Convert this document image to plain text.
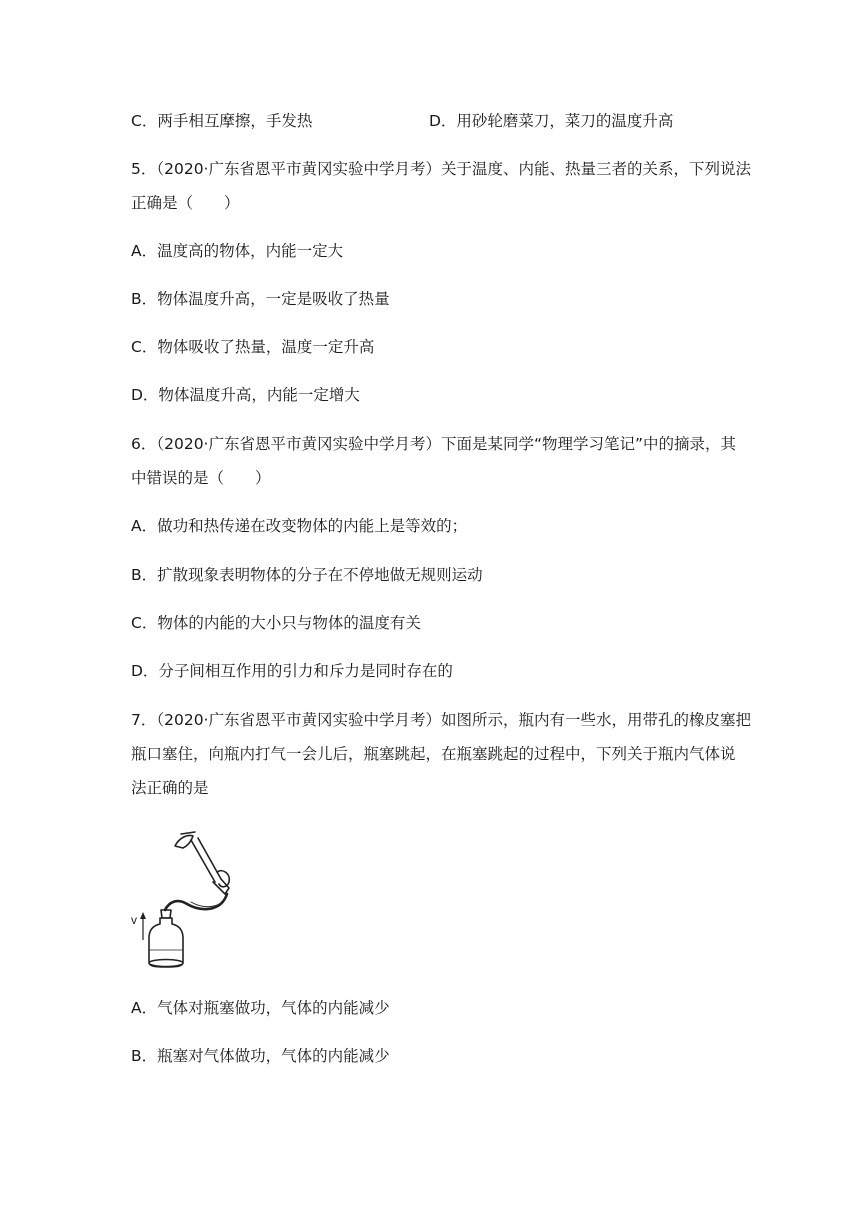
C．两手相互摩擦，手发热	D．用砂轮磨菜刀，菜刀的温度升高
5．（2020·广东省恩平市黄冈实验中学月考）关于温度、内能、热量三者的关系，下列说法
正确是（　　）
A．温度高的物体，内能一定大
B．物体温度升高，一定是吸收了热量
C．物体吸收了热量，温度一定升高
D．物体温度升高，内能一定增大
6．（2020·广东省恩平市黄冈实验中学月考）下面是某同学“物理学习笔记”中的摘录，其
中错误的是（　　）
A．做功和热传递在改变物体的内能上是等效的；
B．扩散现象表明物体的分子在不停地做无规则运动
C．物体的内能的大小只与物体的温度有关
D．分子间相互作用的引力和斥力是同时存在的
7．（2020·广东省恩平市黄冈实验中学月考）如图所示，瓶内有一些水，用带孔的橡皮塞把
瓶口塞住，向瓶内打气一会儿后，瓶塞跳起，在瓶塞跳起的过程中，下列关于瓶内气体说
法正确的是
v
A．气体对瓶塞做功，气体的内能减少
B．瓶塞对气体做功，气体的内能减少
